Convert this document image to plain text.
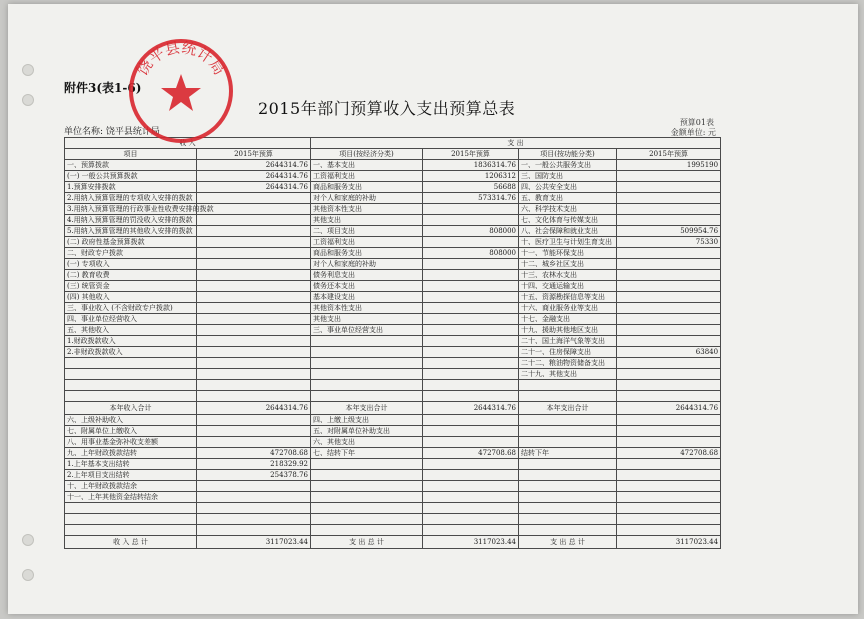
附件3(表1-6)
2015年部门预算收入支出预算总表
单位名称: 饶平县统计局
预算01表
金额单位: 元
收 入		支 出			
项目	2015年预算	项目(按经济分类)	2015年预算	项目(按功能分类)	2015年预算
一、预算拨款	2644314.76	一、基本支出	1836314.76	一、一般公共服务支出	1995190
(一) 一般公共预算拨款	2644314.76	工资福利支出	1206312	三、国防支出	
1.预算安排拨款	2644314.76	商品和服务支出	56688	四、公共安全支出	
2.用纳入预算管理的专项收入安排的拨款		对个人和家庭的补助	573314.76	五、教育支出	
3.用纳入预算管理的行政事业性收费安排的拨款		其他资本性支出		六、科学技术支出	
4.用纳入预算管理的罚没收入安排的拨款		其他支出		七、文化体育与传媒支出	
5.用纳入预算管理的其他收入安排的拨款		二、项目支出	808000	八、社会保障和就业支出	509954.76
(二) 政府性基金预算拨款		工资福利支出		十、医疗卫生与计划生育支出	75330
二、财政专户拨款		商品和服务支出	808000	十一、节能环保支出	
(一) 专项收入		对个人和家庭的补助		十二、城乡社区支出	
(二) 教育收费		债务利息支出		十三、农林水支出	
(三) 统管资金		债务还本支出		十四、交通运输支出	
(四) 其他收入		基本建设支出		十五、资源勘探信息等支出	
三、事业收入 (不含财政专户拨款)		其他资本性支出		十六、商业服务业等支出	
四、事业单位经营收入		其他支出		十七、金融支出	
五、其他收入		三、事业单位经营支出		十九、援助其他地区支出	
1.财政拨款收入				二十、国土海洋气象等支出	
2.非财政拨款收入				二十一、住房保障支出	63840
				二十二、粮油物资储备支出	
				二十九、其他支出	

本年收入合计	2644314.76	本年支出合计	2644314.76	本年支出合计	2644314.76
六、上级补助收入		四、上缴上级支出			
七、附属单位上缴收入		五、对附属单位补助支出			
八、用事业基金弥补收支差额		六、其他支出			
九、上年财政拨款结转	472708.68	七、结转下年	472708.68	结转下年	472708.68
1.上年基本支出结转	218329.92				
2.上年项目支出结转	254378.76				
十、上年财政拨款结余					
十一、上年其他资金结转结余					

收 入 总 计	3117023.44	支 出 总 计	3117023.44	支 出 总 计	3117023.44
饶平县统计局
